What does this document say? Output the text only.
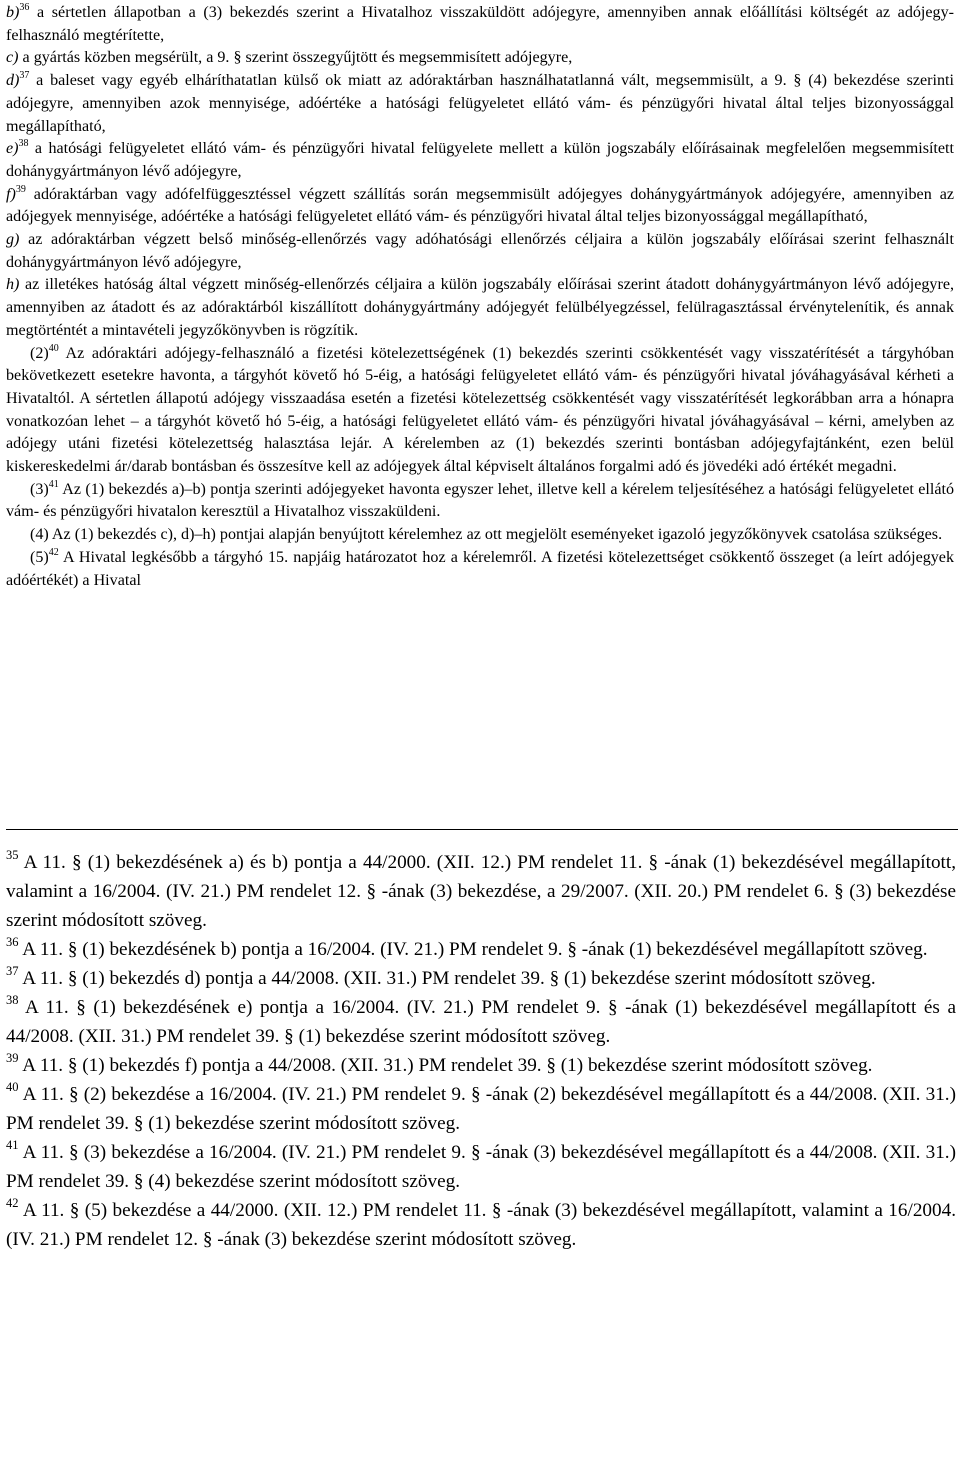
b)$^{36}$ a sértetlen állapotban a (3) bekezdés szerint a Hivatalhoz visszaküldött adójegyre, amennyiben annak előállítási költségét az adójegy-felhasználó megtérítette,

c) a gyártás közben megsérült, a 9. § szerint összegyűjtött és megsemmisített adójegyre,

d)$^{37}$ a baleset vagy egyéb elháríthatatlan külső ok miatt az adóraktárban használhatatlanná vált, megsemmisült, a 9. § (4) bekezdése szerinti adójegyre, amennyiben azok mennyisége, adóértéke a hatósági felügyeletet ellátó vám- és pénzügyőri hivatal által teljes bizonyossággal megállapítható,

e)$^{38}$ a hatósági felügyeletet ellátó vám- és pénzügyőri hivatal felügyelete mellett a külön jogszabály előírásainak megfelelően megsemmisített dohánygyártmányon lévő adójegyre,

f)$^{39}$ adóraktárban vagy adófelfüggesztéssel végzett szállítás során megsemmisült adójegyes dohánygyártmányok adójegyére, amennyiben az adójegyek mennyisége, adóértéke a hatósági felügyeletet ellátó vám- és pénzügyőri hivatal által teljes bizonyossággal megállapítható,

g) az adóraktárban végzett belső minőség-ellenőrzés vagy adóhatósági ellenőrzés céljaira a külön jogszabály előírásai szerint felhasznált dohánygyártmányon lévő adójegyre,

h) az illetékes hatóság által végzett minőség-ellenőrzés céljaira a külön jogszabály előírásai szerint átadott dohánygyártmányon lévő adójegyre, amennyiben az átadott és az adóraktárból kiszállított dohánygyártmány adójegyét felülbélyegzéssel, felülragasztással érvénytelenítik, és annak megtörténtét a mintavételi jegyzőkönyvben is rögzítik.

$(2)^{40}$ Az adóraktári adójegy-felhasználó a fizetési kötelezettségének (1) bekezdés szerinti csökkentését vagy visszatérítését a tárgyhóban bekövetkezett esetekre havonta, a tárgyhót követő hó 5-éig, a hatósági felügyeletet ellátó vám- és pénzügyőri hivatal jóváhagyásával kérheti a Hivataltól. A sértetlen állapotú adójegy visszaadása esetén a fizetési kötelezettség csökkentését vagy visszatérítését legkorábban arra a hónapra vonatkozóan lehet – a tárgyhót követő hó 5-éig, a hatósági felügyeletet ellátó vám- és pénzügyőri hivatal jóváhagyásával – kérni, amelyben az adójegy utáni fizetési kötelezettség halasztása lejár. A kérelemben az (1) bekezdés szerinti bontásban adójegyfajtánként, ezen belül kiskereskedelmi ár/darab bontásban és összesítve kell az adójegyek által képviselt általános forgalmi adó és jövedéki adó értékét megadni.

$(3)^{41}$ Az (1) bekezdés a)–b) pontja szerinti adójegyeket havonta egyszer lehet, illetve kell a kérelem teljesítéséhez a hatósági felügyeletet ellátó vám- és pénzügyőri hivatalon keresztül a Hivatalhoz visszaküldeni.

(4) Az (1) bekezdés c), d)–h) pontjai alapján benyújtott kérelemhez az ott megjelölt eseményeket igazoló jegyzőkönyvek csatolása szükséges.

$(5)^{42}$ A Hivatal legkésőbb a tárgyhó 15. napjáig határozatot hoz a kérelemről. A fizetési kötelezettséget csökkentő összeget (a leírt adójegyek adóértékét) a Hivatal

$^{35}$ A 11. § (1) bekezdésének a) és b) pontja a 44/2000. (XII. 12.) PM rendelet 11. § -ának (1) bekezdésével megállapított, valamint a 16/2004. (IV. 21.) PM rendelet 12. § -ának (3) bekezdése, a 29/2007. (XII. 20.) PM rendelet 6. § (3) bekezdése szerint módosított szöveg.

$^{36}$ A 11. § (1) bekezdésének b) pontja a 16/2004. (IV. 21.) PM rendelet 9. § -ának (1) bekezdésével megállapított szöveg.

$^{37}$ A 11. § (1) bekezdés d) pontja a 44/2008. (XII. 31.) PM rendelet 39. § (1) bekezdése szerint módosított szöveg.

$^{38}$ A 11. § (1) bekezdésének e) pontja a 16/2004. (IV. 21.) PM rendelet 9. § -ának (1) bekezdésével megállapított és a 44/2008. (XII. 31.) PM rendelet 39. § (1) bekezdése szerint módosított szöveg.

$^{39}$ A 11. § (1) bekezdés f) pontja a 44/2008. (XII. 31.) PM rendelet 39. § (1) bekezdése szerint módosított szöveg.

$^{40}$ A 11. § (2) bekezdése a 16/2004. (IV. 21.) PM rendelet 9. § -ának (2) bekezdésével megállapított és a 44/2008. (XII. 31.) PM rendelet 39. § (1) bekezdése szerint módosított szöveg.

$^{41}$ A 11. § (3) bekezdése a 16/2004. (IV. 21.) PM rendelet 9. § -ának (3) bekezdésével megállapított és a 44/2008. (XII. 31.) PM rendelet 39. § (4) bekezdése szerint módosított szöveg.

$^{42}$ A 11. § (5) bekezdése a 44/2000. (XII. 12.) PM rendelet 11. § -ának (3) bekezdésével megállapított, valamint a 16/2004. (IV. 21.) PM rendelet 12. § -ának (3) bekezdése szerint módosított szöveg.
